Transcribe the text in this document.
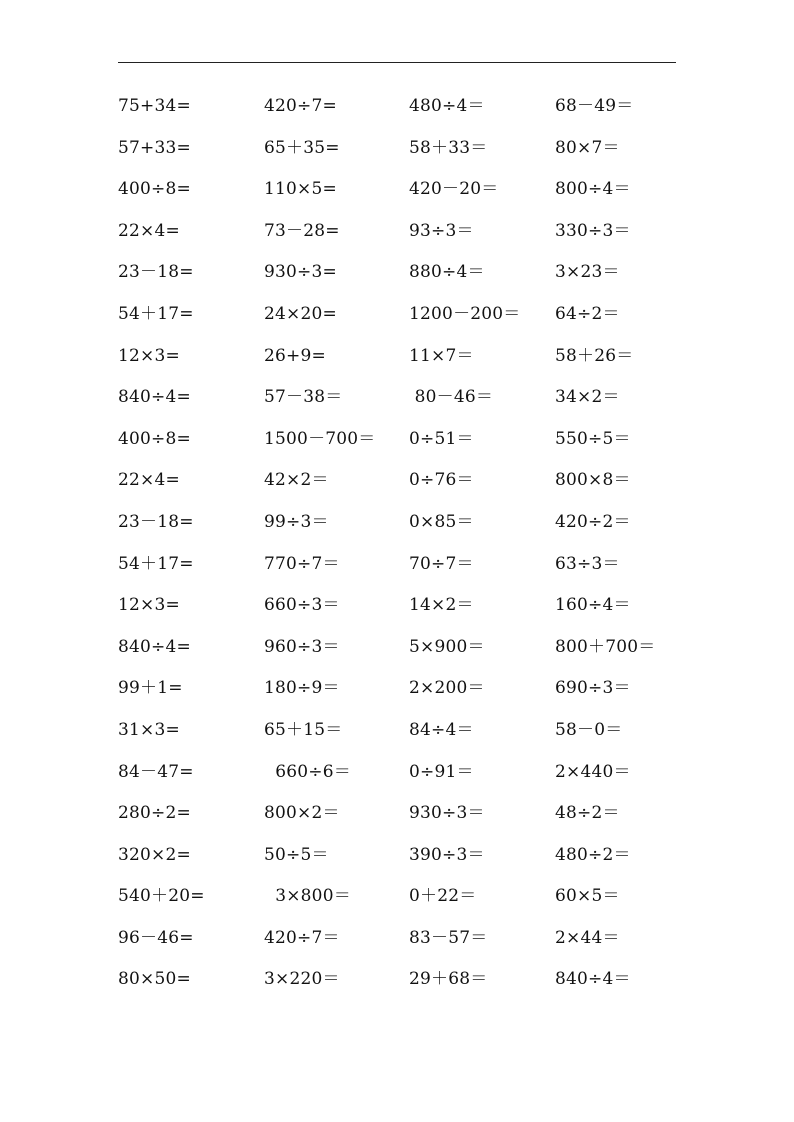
75+34=	420÷7=	480÷4＝	68－49＝
57+33=	65＋35=	58＋33＝	80×7＝
400÷8=	110×5=	420－20＝	800÷4＝
22×4=	73－28=	93÷3＝	330÷3＝
23－18=	930÷3=	880÷4＝	3×23＝
54＋17=	24×20=	1200－200＝	64÷2＝
12×3=	26+9=	11×7＝	58＋26＝
840÷4=	57－38＝	80－46＝	34×2＝
400÷8=	1500－700＝	0÷51＝	550÷5＝
22×4=	42×2＝	0÷76＝	800×8＝
23－18=	99÷3＝	0×85＝	420÷2＝
54＋17=	770÷7＝	70÷7＝	63÷3＝
12×3=	660÷3＝	14×2＝	160÷4＝
840÷4=	960÷3＝	5×900＝	800＋700＝
99＋1=	180÷9＝	2×200＝	690÷3＝
31×3=	65＋15＝	84÷4＝	58－0＝
84－47=	660÷6＝	0÷91＝	2×440＝
280÷2=	800×2＝	930÷3＝	48÷2＝
320×2=	50÷5＝	390÷3＝	480÷2＝
540＋20=	3×800＝	0＋22＝	60×5＝
96－46=	420÷7＝	83－57＝	2×44＝
80×50=	3×220＝	29＋68＝	840÷4＝
